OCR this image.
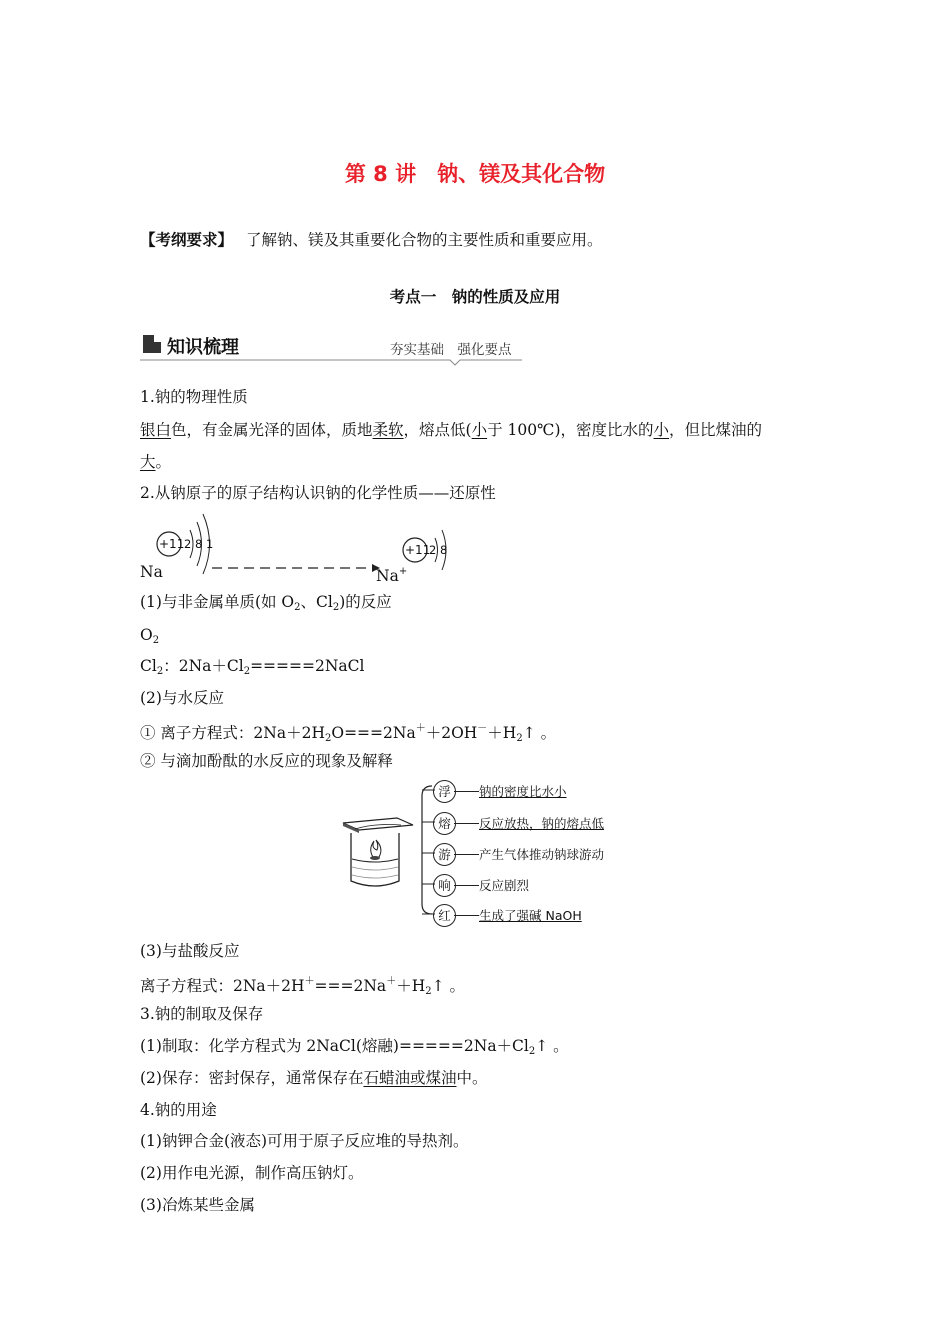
第 8 讲　钠、镁及其化合物
【考纲要求】 了解钠、镁及其重要化合物的主要性质和重要应用。
考点一　钠的性质及应用
知识梳理	夯实基础　强化要点
1.钠的物理性质
银白色，有金属光泽的固体，质地柔软，熔点低(小于 100℃)，密度比水的小，但比煤油的
大。
2.从钠原子的原子结构认识钠的化学性质——还原性
+11 2 8 1
Na
+11
2 8
Na+
(1)与非金属单质(如 $O_2$、$Cl_2$)的反应
$O_2$
$Cl_2$：$2Na+Cl_2=====2NaCl$
(2)与水反应
① 离子方程式：$2Na+2H_2O===2Na^++2OH^-+H_2↑$ 。
② 与滴加酚酞的水反应的现象及解释
浮	钠的密度比水小
熔	反应放热，钠的熔点低
游	产生气体推动钠球游动
响	反应剧烈
红	生成了强碱 NaOH
(3)与盐酸反应
离子方程式：$2Na+2H^+===2Na^++H_2↑$ 。
3.钠的制取及保存
(1)制取：化学方程式为 2NaCl(熔融)$=====2Na+Cl_2↑$ 。
(2)保存：密封保存，通常保存在石蜡油或煤油中。
4.钠的用途
(1)钠钾合金(液态)可用于原子反应堆的导热剂。
(2)用作电光源，制作高压钠灯。
(3)冶炼某些金属
